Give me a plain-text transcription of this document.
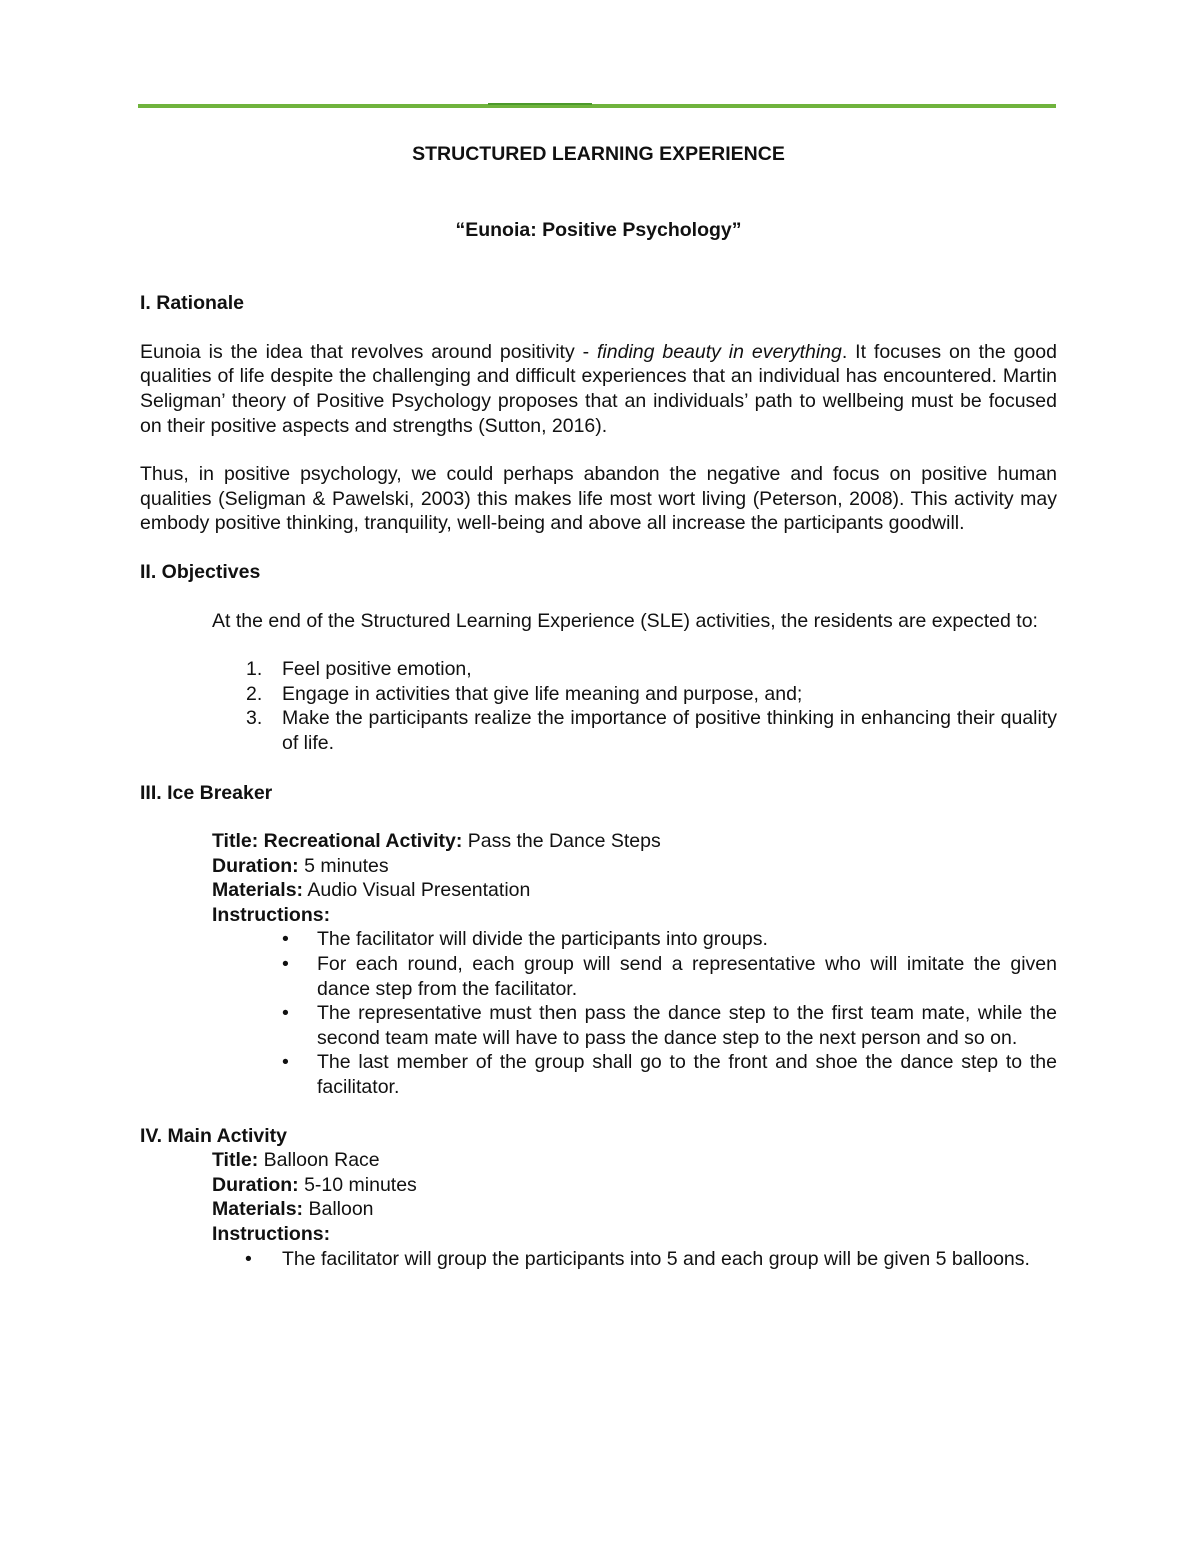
STRUCTURED LEARNING EXPERIENCE
“Eunoia: Positive Psychology”
I. Rationale

Eunoia is the idea that revolves around positivity - finding beauty in everything. It focuses on the good qualities of life despite the challenging and difficult experiences that an individual has encountered. Martin Seligman’ theory of Positive Psychology proposes that an individuals’ path to wellbeing must be focused on their positive aspects and strengths (Sutton, 2016).

Thus, in positive psychology, we could perhaps abandon the negative and focus on positive human qualities (Seligman & Pawelski, 2003) this makes life most wort living (Peterson, 2008). This activity may embody positive thinking, tranquility, well-being and above all increase the participants goodwill.

II. Objectives

At the end of the Structured Learning Experience (SLE) activities, the residents are expected to:

1. Feel positive emotion,
2. Engage in activities that give life meaning and purpose, and;
3. Make the participants realize the importance of positive thinking in enhancing their quality of life.
III. Ice Breaker
Title: Recreational Activity: Pass the Dance Steps
Duration: 5 minutes
Materials: Audio Visual Presentation
Instructions:
• The facilitator will divide the participants into groups.
• For each round, each group will send a representative who will imitate the given dance step from the facilitator.
• The representative must then pass the dance step to the first team mate, while the second team mate will have to pass the dance step to the next person and so on.
• The last member of the group shall go to the front and shoe the dance step to the facilitator.
IV. Main Activity
Title: Balloon Race
Duration: 5-10 minutes
Materials: Balloon
Instructions:
• The facilitator will group the participants into 5 and each group will be given 5 balloons.
